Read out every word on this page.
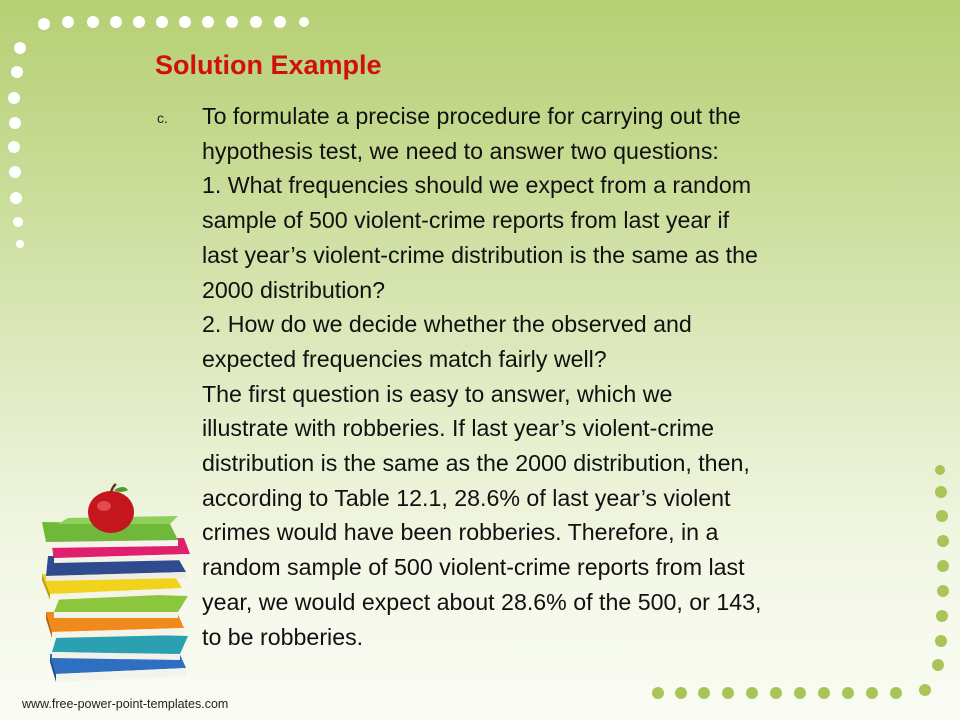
Solution Example
c. To formulate a precise procedure for carrying out the
hypothesis test, we need to answer two questions:
1. What frequencies should we expect from a random
sample of 500 violent-crime reports from last year if
last year’s violent-crime distribution is the same as the
2000 distribution?
2. How do we decide whether the observed and
expected frequencies match fairly well?
The first question is easy to answer, which we
illustrate with robberies. If last year’s violent-crime
distribution is the same as the 2000 distribution, then,
according to Table 12.1, 28.6% of last year’s violent
crimes would have been robberies. Therefore, in a
random sample of 500 violent-crime reports from last
year, we would expect about 28.6% of the 500, or 143,
to be robberies.

www.free-power-point-templates.com
